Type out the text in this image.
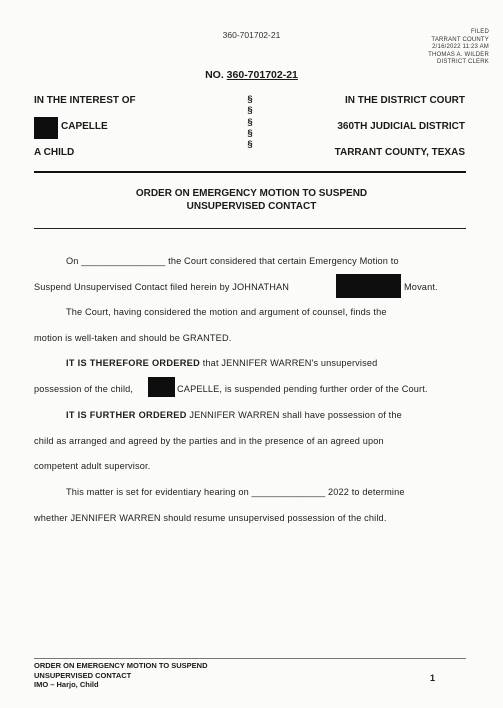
360-701702-21	FILED
TARRANT COUNTY
2/16/2022 11:23 AM
THOMAS A. WILDER
DISTRICT CLERK
NO. 360-701702-21
IN THE INTEREST OF
CAPELLE
A CHILD
§
§
§
§
§
IN THE DISTRICT COURT
360TH JUDICIAL DISTRICT
TARRANT COUNTY, TEXAS
ORDER ON EMERGENCY MOTION TO SUSPEND
UNSUPERVISED CONTACT
On ________________ the Court considered that certain Emergency Motion to
Suspend Unsupervised Contact filed herein by JOHNATHAN	Movant.
The Court, having considered the motion and argument of counsel, finds the
motion is well-taken and should be GRANTED.
IT IS THEREFORE ORDERED that JENNIFER WARREN's unsupervised
possession of the child,	CAPELLE, is suspended pending further order of the Court.
IT IS FURTHER ORDERED JENNIFER WARREN shall have possession of the
child as arranged and agreed by the parties and in the presence of an agreed upon
competent adult supervisor.
This matter is set for evidentiary hearing on ______________ 2022 to determine
whether JENNIFER WARREN should resume unsupervised possession of the child.
ORDER ON EMERGENCY MOTION TO SUSPEND
UNSUPERVISED CONTACT
IMO – Harjo, Child
1
